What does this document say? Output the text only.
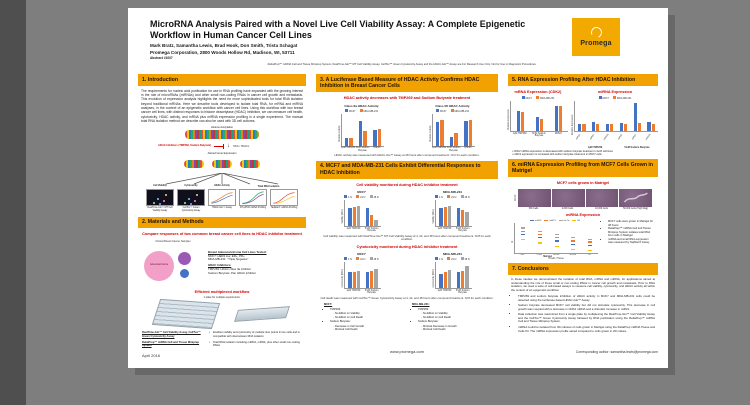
MicroRNA Analysis Paired with a Novel Live Cell Viability Assay: A Complete Epigenetic Workflow in Human Cancer Cell Lines
Mark Bratz, Samantha Lewis, Brad Hook, Don Smith, Trista Schagat
Promega Corporation, 2800 Woods Hollow Rd, Madison, WI, 53711
Abstract #1007
ReliaPrep™ miRNA Cell and Tissue Miniprep System, RealTime-Glo™ MT Cell Viability Assay, CellTox™ Green Cytotoxicity Assay and the HDAC-Glo™ Assay are For Research Use Only. Not for Use in Diagnostic Procedures.
Promega
1. Introduction
The requirements for nucleic acid purification for use in RNA profiling have expanded with the growing interest in the role of microRNAs (miRNAs) and other small non-coding RNAs in cancer cell growth and metastasis. This evolution of expression analysis highlights the need for more sophisticated tools for total RNA isolation beyond traditional mRNAs. Here we describe tools developed to isolate total RNA, for mRNA and miRNA analyses, in the context of an epigenetic workflow with cancer cell lines. Using this workflow with two breast cancer cell lines, with distinct responses to histone deacetylase (HDAC) inhibition, we can measure cell health, cytotoxicity, HDAC activity, and mRNA plus miRNA expression profiling in a single experiment. The manual total RNA isolation method we describe can also be used with 3D cell cultures.
Histone Acetylation
HDAC Inhibitors (TMP269, Sodium Butyrate)	↓ HATs / HDACs
Altered Gene Expression

Cell Viability	Cytotoxicity	HDAC Activity	Total RNA Isolation
RealTime-Glo™ MT Cell Viability Assay
CellTox™ Green Cytotoxicity Assay
HDAC-Glo™ Assay	RT-qPCR mRNA Profiling	TaqMan® miRNA Profiling
2. Materials and Methods
Compare responses of two common breast cancer cell lines to HDAC inhibitor treatment
Clinical Breast Cancer Samples
Adenocarcinoma
Breast Adenocarcinoma Cell Lines Tested:
MCF7: HER2 low, ER+, PR+
MDA-MB-231: “Triple Negative”
HDAC Inhibitors:
TMP269: HDAC class IIa inhibitor
Sodium Butyrate: Pan HDAC inhibitor
Efficient multiplexed workflow
1 plate for multiple experiments:
RealTime-Glo™ Cell Viability Assay, CellTox™ Green Cytotoxicity Assay
• Enables viability and cytotoxicity at multiple time points in live cells and is compatible with downstream RNA isolation
ReliaPrep™ miRNA Cell and Tissue Miniprep System
• Total RNA isolation including miRNA, mRNA, plus other small non-coding RNAs
April 2016
3. A Luciferase Based Measure of HDAC Activity Confirms HDAC Inhibition in Breast Cancer Cells
HDAC activity decreases with TMP269 and Sodium Butyrate treatment
Class IIa HDAC Activity
MCF7	MDA-MB-231
Relative Activity
1μM TMP269 5mM Sodium Butyrate
DMSO
Class I/II HDAC Activity
MCF7	MDA-MB-231
Relative Activity
1μM TMP269 5mM Sodium Butyrate
DMSO
HDAC activity was measured with HDAC-Glo™ Assay at 48 hours after compound treatment. N=2 for each condition.
4. MCF7 and MDA-MB-231 Cells Exhibit Differential Responses to HDAC Inhibition
Cell viability monitored during HDAC inhibitor treatment
MCF7
4 hr	24 hr	48 hr
Viability (RLU)
1μM TMP269	5mM Sodium Butyrate
MDA-MB-231
4 hr	24 hr	48 hr
Viability (RLU)
1μM TMP269	5mM Sodium Butyrate
Cell viability was measured with RealTime-Glo™ MT Cell Viability Assay at 4, 24, and 48 hours after compound treatment. N=8 for each condition.
Cytotoxicity monitored during HDAC inhibitor treatment
MCF7
4 hr	24 hr	48 hr
Cytotoxicity (RFU)
1μM TMP269	5mM Sodium Butyrate
MDA-MB-231
4 hr	24 hr	48 hr
Cytotoxicity (RFU)
1μM TMP269	5mM Sodium Butyrate
Cell death was measured with CellTox™ Green Cytotoxicity Assay at 4, 24, and 48 hours after compound treatment. N=8 for each condition.
MCF7:
• TMP269:
- No Effect on Viability
- No Effect on Cell Death
• Sodium Butyrate:
- Decrease in Cell Growth
- Minimal Cell Death
MDA-MB-231:
• TMP269:
- No Effect on Viability
- No Effect on Cell Death
• Sodium Butyrate:
- Minimal Decrease in Growth
- Minimal Cell Death
www.promega.com
5. RNA Expression Profiling After HDAC Inhibition
mRNA Expression (CDK2)
MCF7	MDA-MB-231
Relative Expression
1μM TMP269	5mM Sodium Butyrate
DMSO
miRNA Expression
MCF7	MDA-MB-231
Relative Expression
miR16	miR21	miR191	miR16	miR21	miR191
1μM TMP269	5mM Sodium Butyrate
• CDK2 mRNA expression is decreased with sodium butyrate treatment in both cell lines
• miR21 expression is increased with sodium butyrate treatment in MCF7 cells
6. miRNA Expression Profiling from MCF7 Cells Grown in Matrigel
MCF7 cells grown in Matrigel
MCF7
500 Cells	2,000 Cells	10,000 Cells	50,000 Cells (High Mag)
miRNA Expression
miR16	miR21	let-7d	U6
Ct
500	2,000	10,000	50,000	2D
Matrigel
# Cells / Tissue
• MCF7 cells were grown in Matrigel for 48 hours
• ReliaPrep™ miRNA Cell and Tissue Miniprep System isolates total RNA from cells in Matrigel
• miRNA and small RNA expression was measured by TaqMan® Assay
7. Conclusions
In these studies we demonstrated the isolation of total RNA, mRNA and miRNA, for applications aimed at understanding the role of these small or non-coding RNAs in cancer cell growth and metastasis. Prior to RNA isolation, we used a suite of cell-based assays to measure cell viability, cytotoxicity, and HDAC activity all within the context of an epigenetic workflow:
• TMP269 and sodium butyrate inhibition of HDAC activity in MCF7 and MDA-MB-231 cells could be detected using the luciferase-based HDAC-Glo™ Assay.
• Sodium butyrate decreased MCF7 cell viability but did not stimulate cytotoxicity. This decrease in cell growth was coupled with a decrease in CDK2 mRNA and a dramatic increase in miR21.
• Data collection was maximized from a single plate by multiplexing the RealTime-Glo™ Cell Viability Assay and the CellTox™ Green Cytotoxicity Assay followed by RNA purification using the ReliaPrep™ miRNA Cell and Tissue Miniprep System.
• miRNA could be isolated from 3D cultures of cells grown in Matrigel using the ReliaPrep miRNA Tissue and Cells Kit. The miRNA expression profile varied compared to cells grown in 2D culture.
Corresponding author: samantha.lewis@promega.com
